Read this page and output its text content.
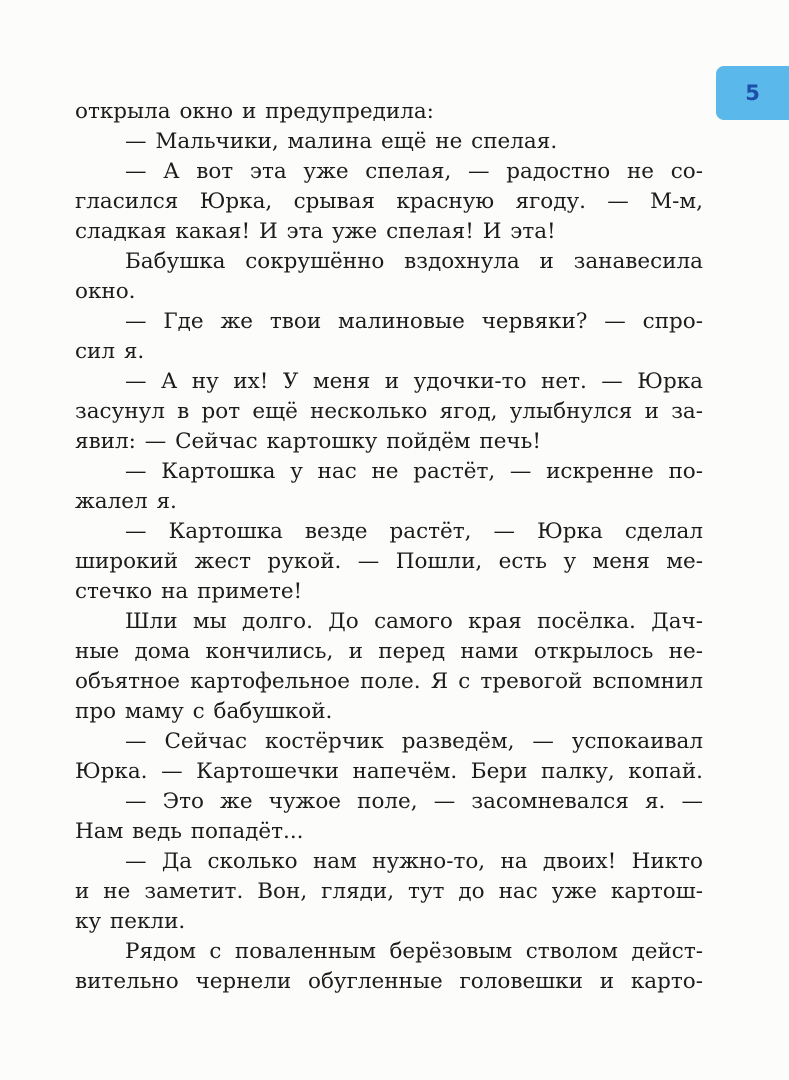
5
открыла окно и предупредила:
— Мальчики, малина ещё не спелая.
— А вот эта уже спелая, — радостно не со-
гласился Юрка, срывая красную ягоду. — М-м,
сладкая какая! И эта уже спелая! И эта!
Бабушка сокрушённо вздохнула и занавесила
окно.
— Где же твои малиновые червяки? — спро-
сил я.
— А ну их! У меня и удочки-то нет. — Юрка
засунул в рот ещё несколько ягод, улыбнулся и за-
явил: — Сейчас картошку пойдём печь!
— Картошка у нас не растёт, — искренне по-
жалел я.
— Картошка везде растёт, — Юрка сделал
широкий жест рукой. — Пошли, есть у меня ме-
стечко на примете!
Шли мы долго. До самого края посёлка. Дач-
ные дома кончились, и перед нами открылось не-
объятное картофельное поле. Я с тревогой вспомнил
про маму с бабушкой.
— Сейчас костёрчик разведём, — успокаивал
Юрка. — Картошечки напечём. Бери палку, копай.
— Это же чужое поле, — засомневался я. —
Нам ведь попадёт...
— Да сколько нам нужно-то, на двоих! Никто
и не заметит. Вон, гляди, тут до нас уже картош-
ку пекли.
Рядом с поваленным берёзовым стволом дейст-
вительно чернели обугленные головешки и карто-
